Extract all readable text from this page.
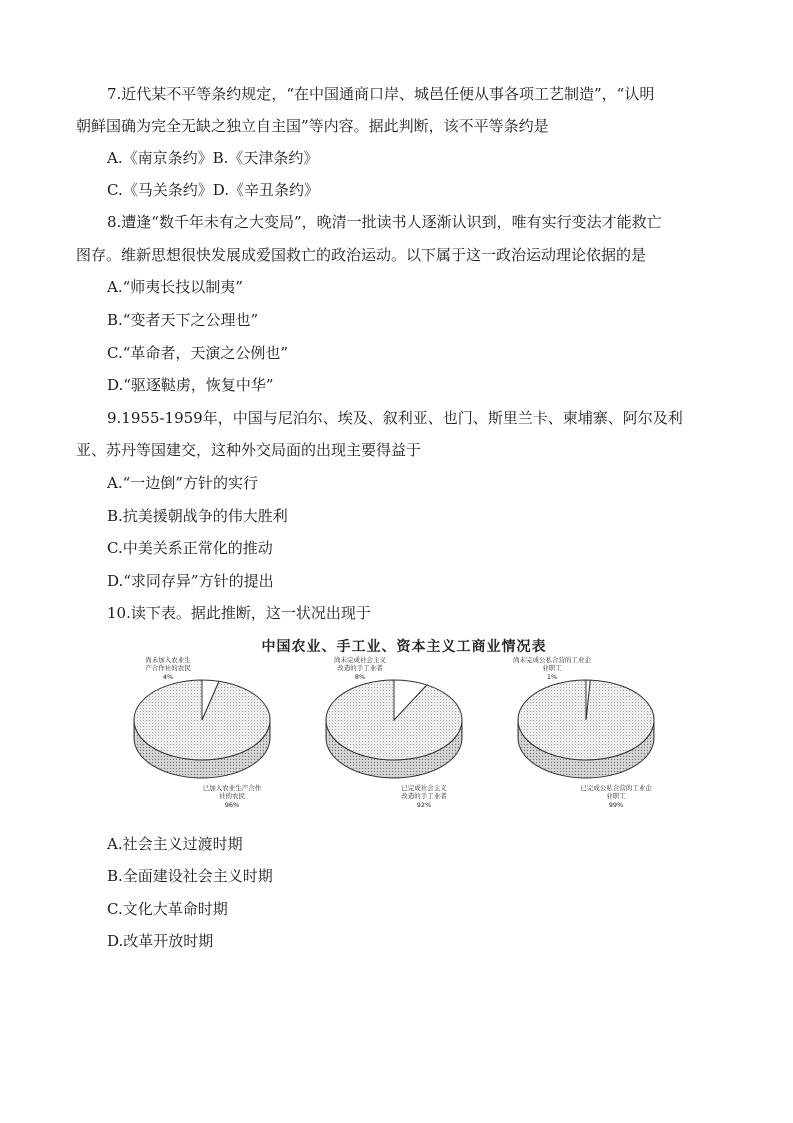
7.近代某不平等条约规定，“在中国通商口岸、城邑任便从事各项工艺制造”，“认明
朝鲜国确为完全无缺之独立自主国”等内容。据此判断，该不平等条约是
A.《南京条约》B.《天津条约》
C.《马关条约》D.《辛丑条约》
8.遭逢“数千年未有之大变局”，晚清一批读书人逐渐认识到，唯有实行变法才能救亡
图存。维新思想很快发展成爱国救亡的政治运动。以下属于这一政治运动理论依据的是
A.“师夷长技以制夷”
B.“变者天下之公理也”
C.“革命者，天演之公例也”
D.“驱逐鞑虏，恢复中华”
9.1955-1959年，中国与尼泊尔、埃及、叙利亚、也门、斯里兰卡、柬埔寨、阿尔及利
亚、苏丹等国建交，这种外交局面的出现主要得益于
A.“一边倒”方针的实行
B.抗美援朝战争的伟大胜利
C.中美关系正常化的推动
D.“求同存异”方针的提出
10.读下表。据此推断，这一状况出现于
中国农业、手工业、资本主义工商业情况表
尚未加入农业生
产合作社的农民
4%
已加入农业生产合作
社的农民
96%
尚未完成社会主义
改造的手工业者
8%
已完成社会主义
改造的手工业者
92%
尚未完成公私合营的工业企
业职工
1%
已完成公私合营的工业企
业职工
99%
A.社会主义过渡时期
B.全面建设社会主义时期
C.文化大革命时期
D.改革开放时期
